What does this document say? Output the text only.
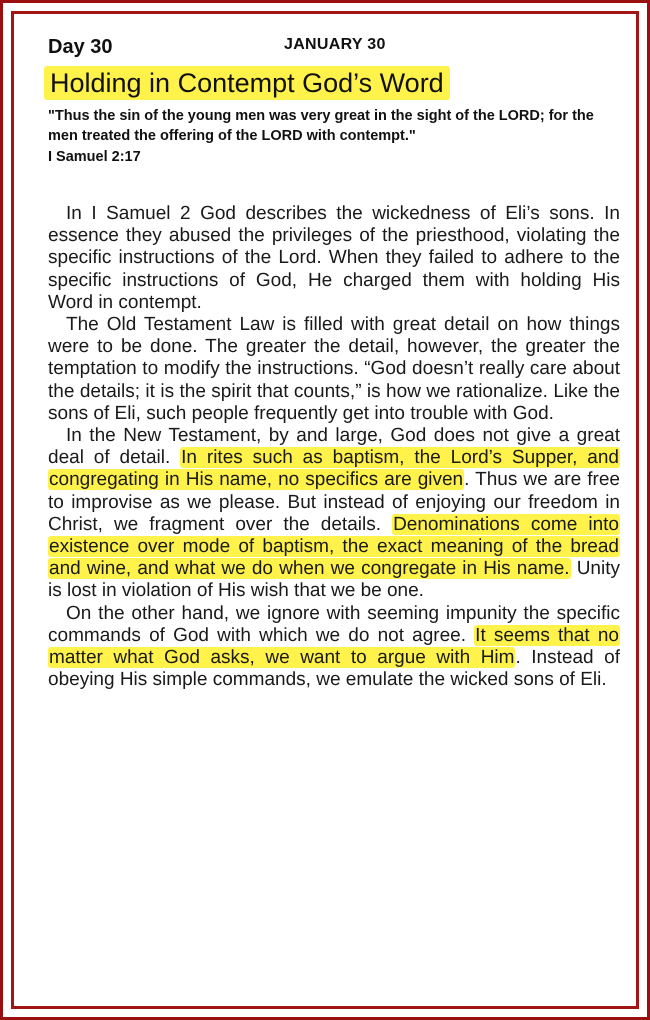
Day 30	JANUARY 30
Holding in Contempt God’s Word
"Thus the sin of the young men was very great in the sight of the LORD; for the men treated the offering of the LORD with contempt."
I Samuel 2:17

In I Samuel 2 God describes the wickedness of Eli’s sons. In essence they abused the privileges of the priesthood, violating the specific instructions of the Lord. When they failed to adhere to the specific instructions of God, He charged them with holding His Word in contempt.

The Old Testament Law is filled with great detail on how things were to be done. The greater the detail, however, the greater the temptation to modify the instructions. “God doesn’t really care about the details; it is the spirit that counts,” is how we rationalize. Like the sons of Eli, such people frequently get into trouble with God.

In the New Testament, by and large, God does not give a great deal of detail. In rites such as baptism, the Lord’s Supper, and congregating in His name, no specifics are given. Thus we are free to improvise as we please. But instead of enjoying our freedom in Christ, we fragment over the details. Denominations come into existence over mode of baptism, the exact meaning of the bread and wine, and what we do when we congregate in His name. Unity is lost in violation of His wish that we be one.

On the other hand, we ignore with seeming impunity the specific commands of God with which we do not agree. It seems that no matter what God asks, we want to argue with Him. Instead of obeying His simple commands, we emulate the wicked sons of Eli.
